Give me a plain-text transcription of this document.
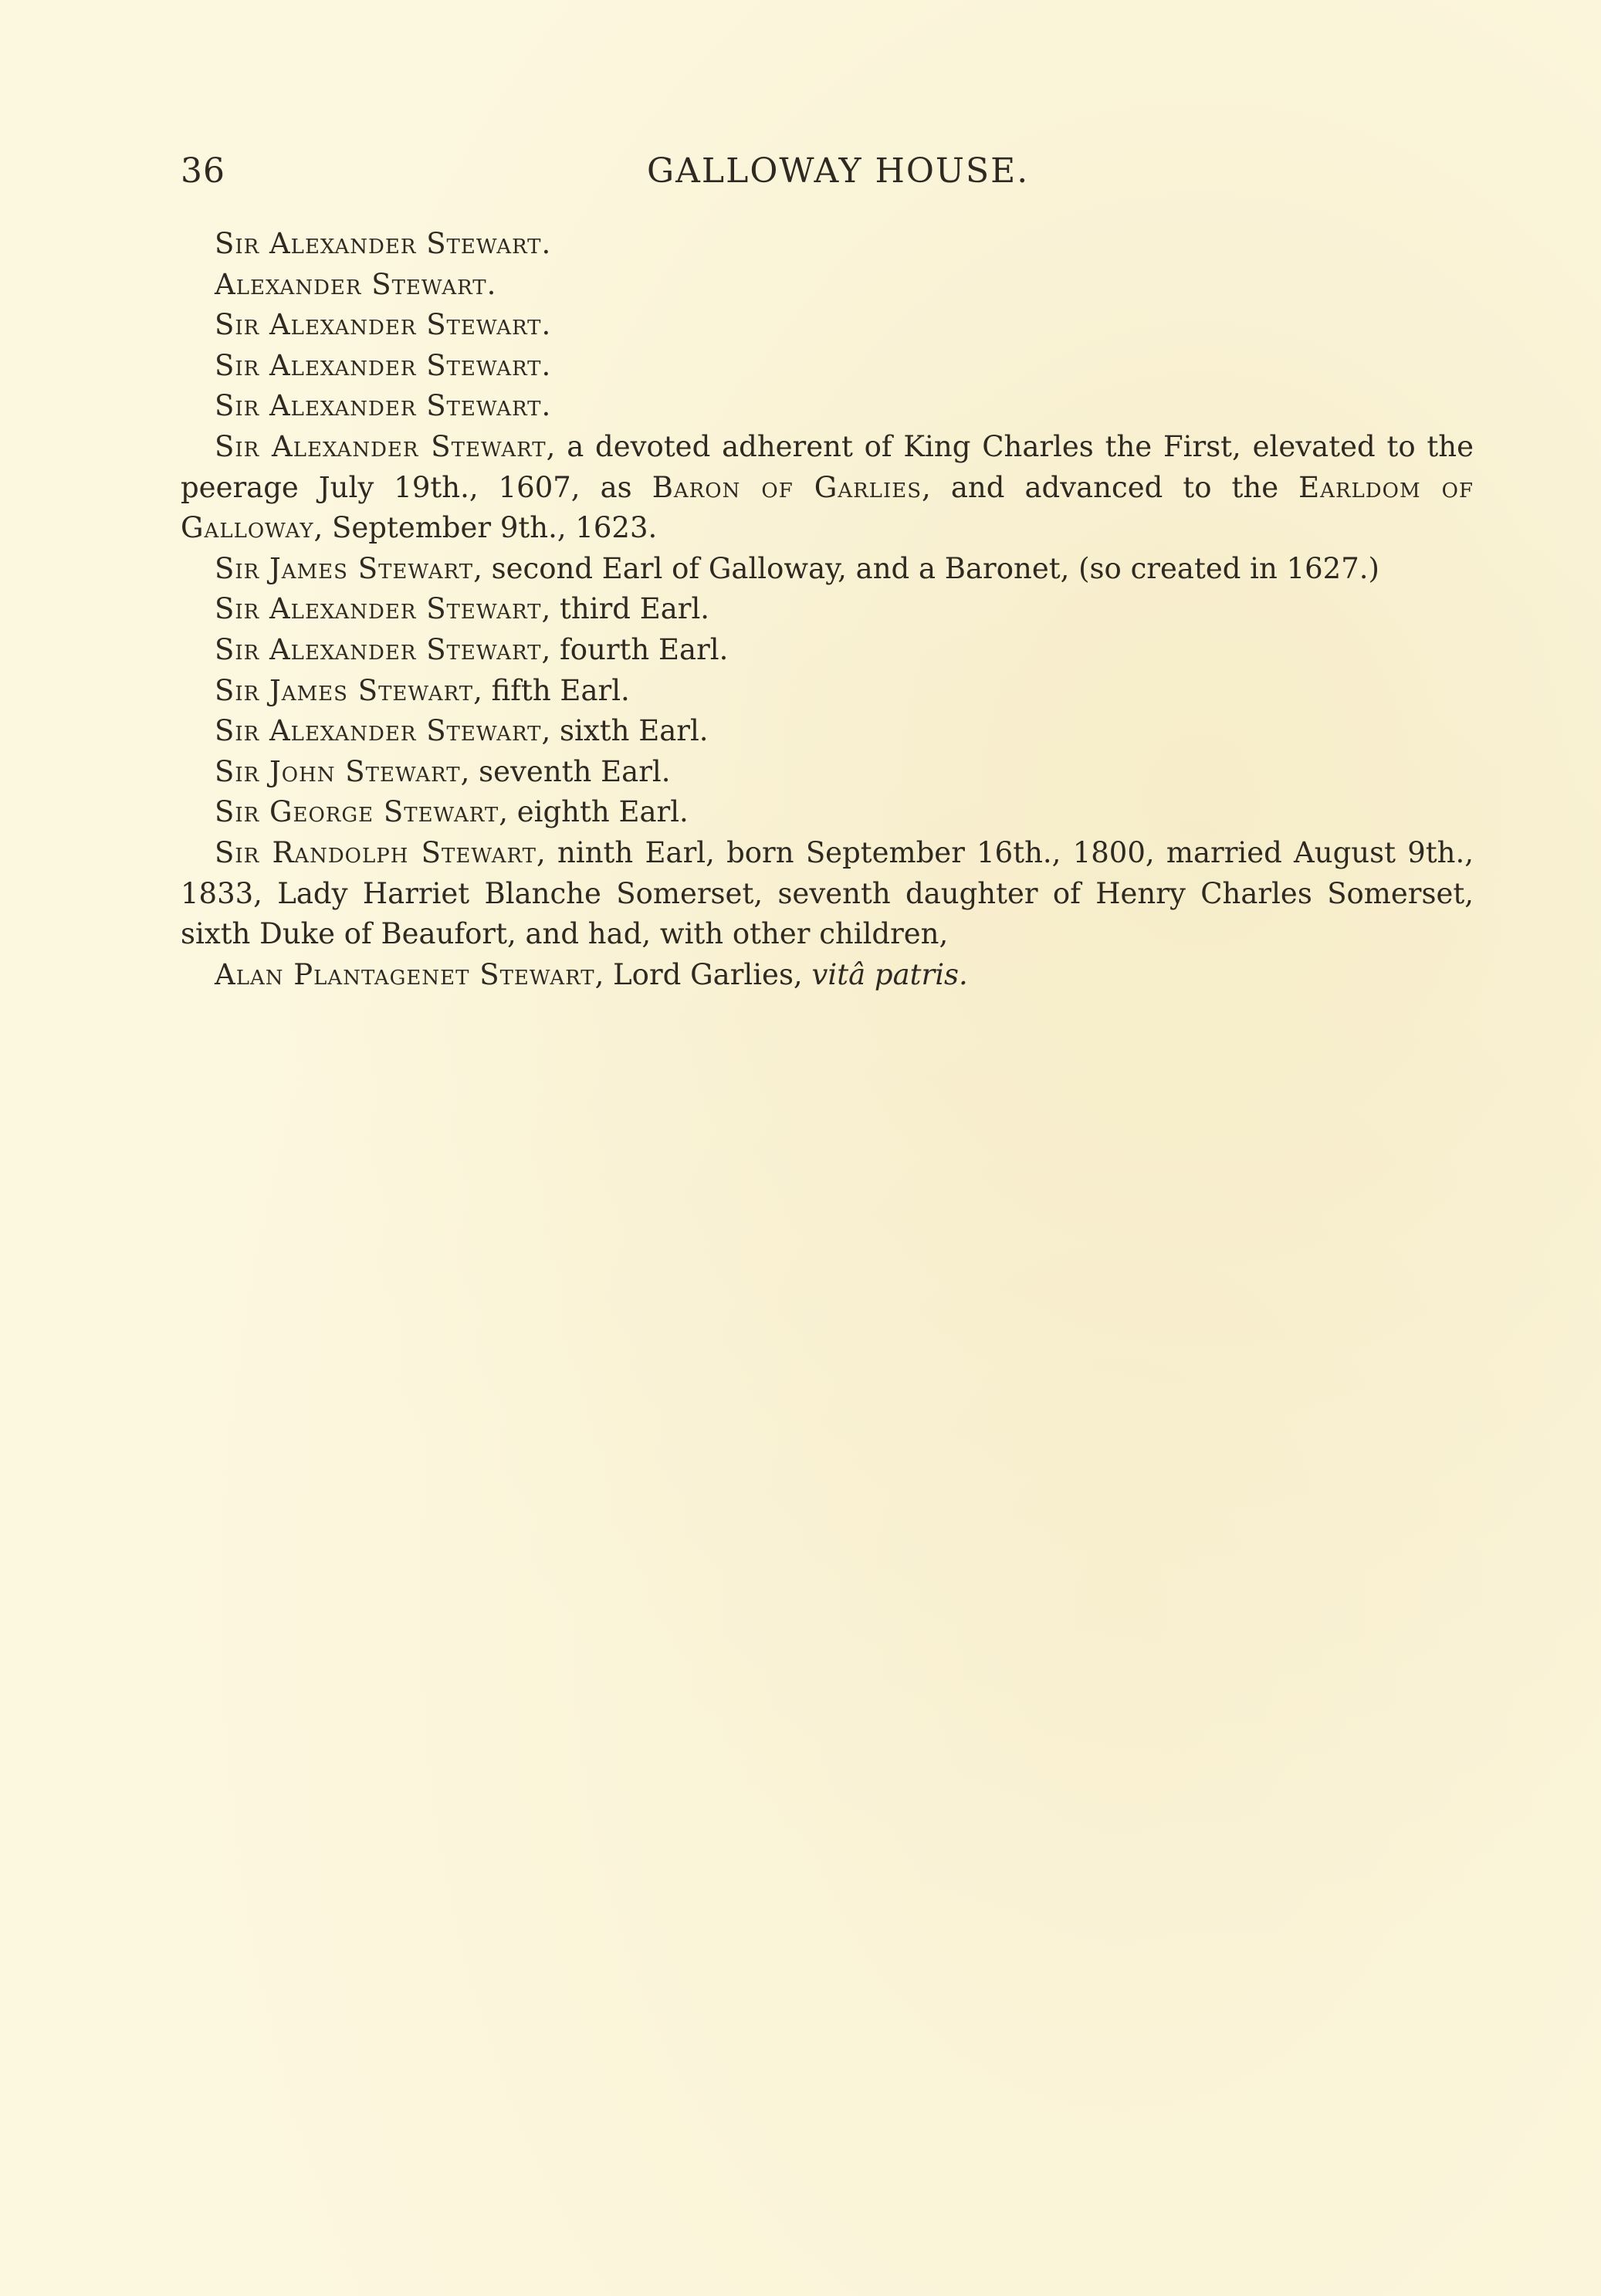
36	GALLOWAY HOUSE.

Sir Alexander Stewart.

Alexander Stewart.

Sir Alexander Stewart.

Sir Alexander Stewart.

Sir Alexander Stewart.

Sir Alexander Stewart, a devoted adherent of King Charles the First, elevated to the peerage July 19th., 1607, as Baron of Garlies, and advanced to the Earldom of Galloway, September 9th., 1623.

Sir James Stewart, second Earl of Galloway, and a Baronet, (so created in 1627.)

Sir Alexander Stewart, third Earl.

Sir Alexander Stewart, fourth Earl.

Sir James Stewart, fifth Earl.

Sir Alexander Stewart, sixth Earl.

Sir John Stewart, seventh Earl.

Sir George Stewart, eighth Earl.

Sir Randolph Stewart, ninth Earl, born September 16th., 1800, married August 9th., 1833, Lady Harriet Blanche Somerset, seventh daughter of Henry Charles Somerset, sixth Duke of Beaufort, and had, with other children,

Alan Plantagenet Stewart, Lord Garlies, vitâ patris.
